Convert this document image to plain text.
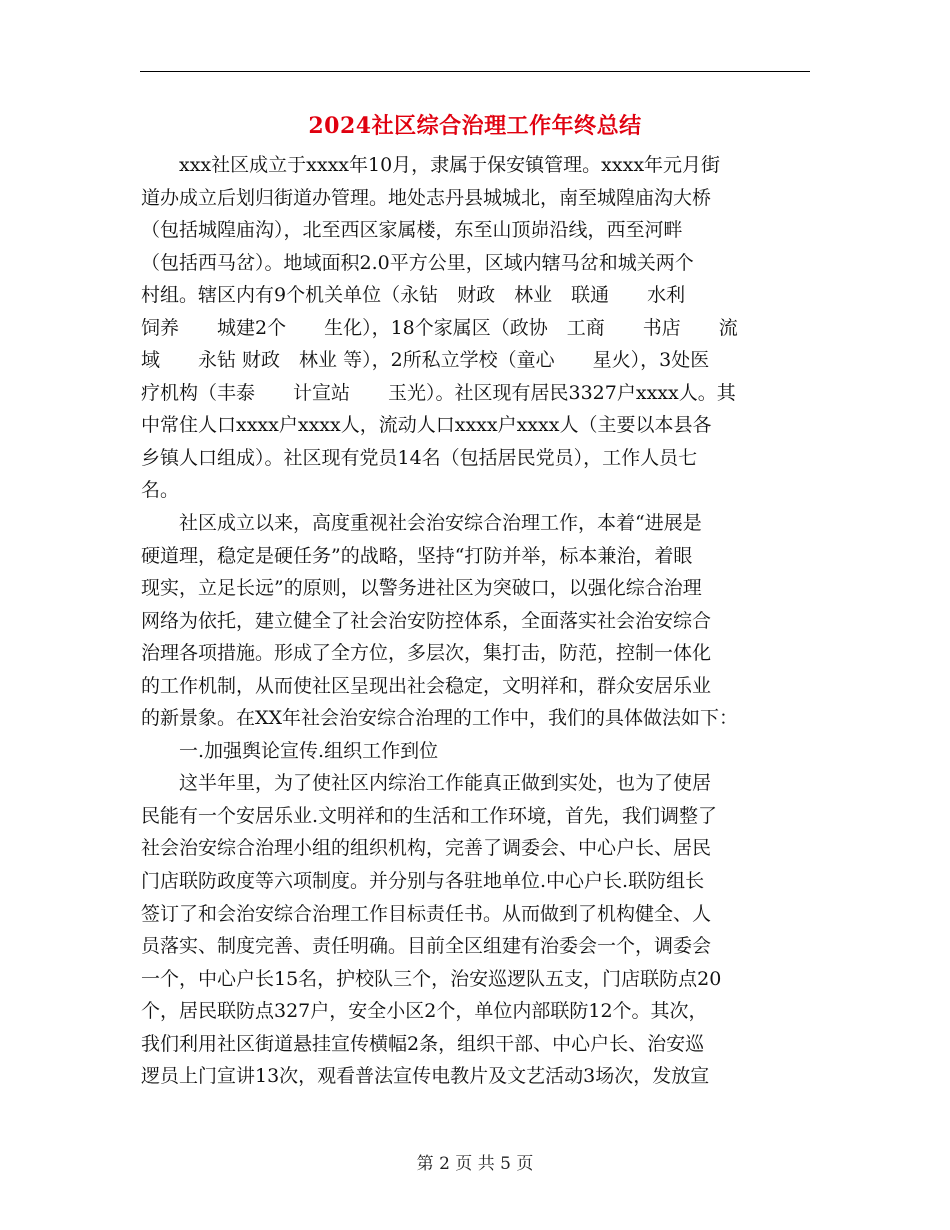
2024社区综合治理工作年终总结
xxx社区成立于xxxx年10月，隶属于保安镇管理。xxxx年元月街
道办成立后划归街道办管理。地处志丹县城城北，南至城隍庙沟大桥
（包括城隍庙沟），北至西区家属楼，东至山顶峁沿线，西至河畔
（包括西马岔）。地域面积2.0平方公里，区域内辖马岔和城关两个
村组。辖区内有9个机关单位（永钻　财政　林业　联通　　水利
饲养　　城建2个　　生化），18个家属区（政协　工商　　书店　　流
域　　永钻 财政　林业 等），2所私立学校（童心　　星火），3处医
疗机构（丰泰　　计宣站　　玉光）。社区现有居民3327户xxxx人。其
中常住人口xxxx户xxxx人，流动人口xxxx户xxxx人（主要以本县各
乡镇人口组成）。社区现有党员14名（包括居民党员），工作人员七
名。
社区成立以来，高度重视社会治安综合治理工作，本着“进展是
硬道理，稳定是硬任务”的战略，坚持“打防并举，标本兼治，着眼
现实，立足长远”的原则，以警务进社区为突破口，以强化综合治理
网络为依托，建立健全了社会治安防控体系，全面落实社会治安综合
治理各项措施。形成了全方位，多层次，集打击，防范，控制一体化
的工作机制，从而使社区呈现出社会稳定，文明祥和，群众安居乐业
的新景象。在XX年社会治安综合治理的工作中，我们的具体做法如下：
一.加强舆论宣传.组织工作到位
这半年里，为了使社区内综治工作能真正做到实处，也为了使居
民能有一个安居乐业.文明祥和的生活和工作环境，首先，我们调整了
社会治安综合治理小组的组织机构，完善了调委会、中心户长、居民
门店联防政度等六项制度。并分别与各驻地单位.中心户长.联防组长
签订了和会治安综合治理工作目标责任书。从而做到了机构健全、人
员落实、制度完善、责任明确。目前全区组建有治委会一个，调委会
一个，中心户长15名，护校队三个，治安巡逻队五支，门店联防点20
个，居民联防点327户，安全小区2个，单位内部联防12个。其次，
我们利用社区街道悬挂宣传横幅2条，组织干部、中心户长、治安巡
逻员上门宣讲13次，观看普法宣传电教片及文艺活动3场次，发放宣
第 2 页 共 5 页
